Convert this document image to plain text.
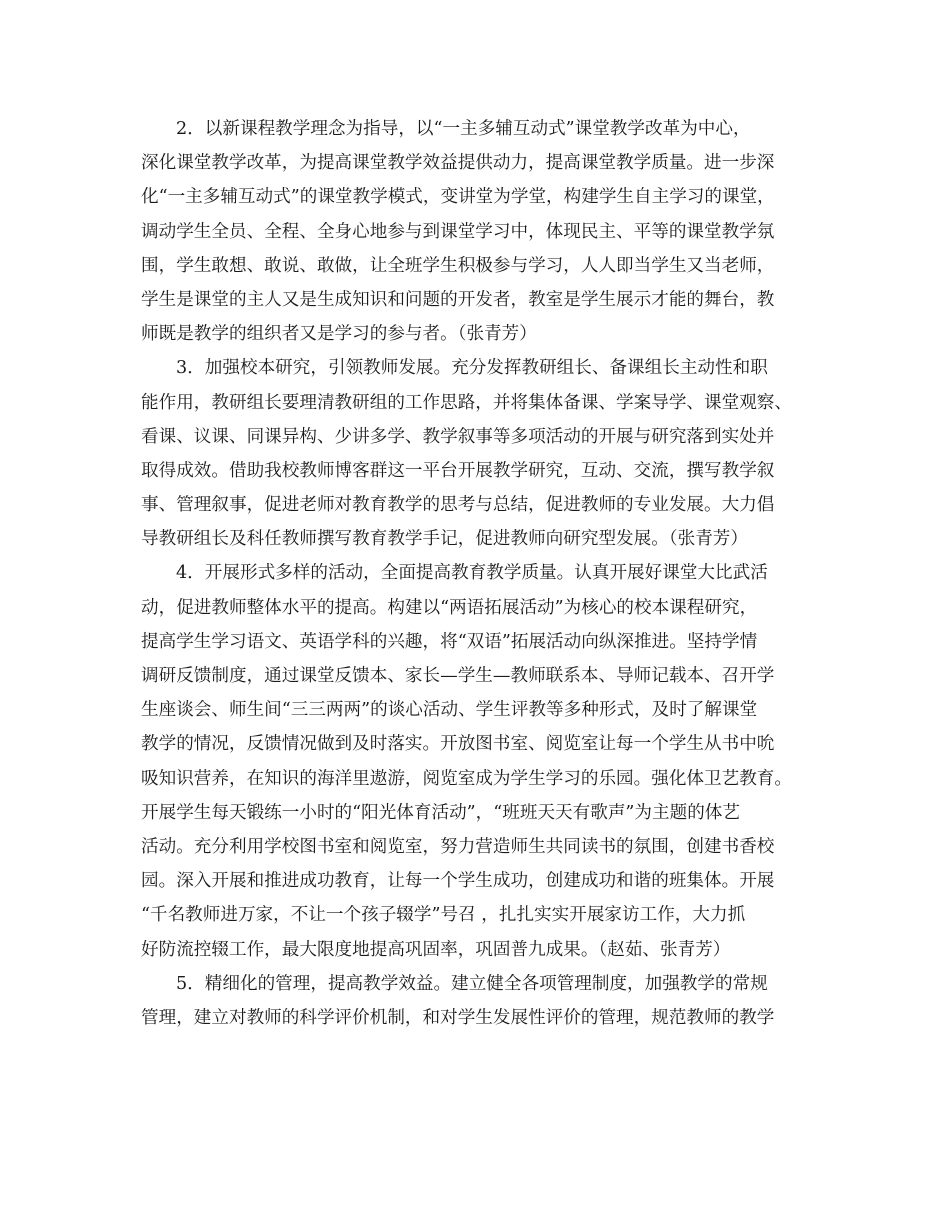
2．以新课程教学理念为指导，以“一主多辅互动式”课堂教学改革为中心，
深化课堂教学改革，为提高课堂教学效益提供动力，提高课堂教学质量。进一步深
化“一主多辅互动式”的课堂教学模式，变讲堂为学堂，构建学生自主学习的课堂，
调动学生全员、全程、全身心地参与到课堂学习中，体现民主、平等的课堂教学氛
围，学生敢想、敢说、敢做，让全班学生积极参与学习，人人即当学生又当老师，
学生是课堂的主人又是生成知识和问题的开发者，教室是学生展示才能的舞台，教
师既是教学的组织者又是学习的参与者。（张青芳）
3．加强校本研究，引领教师发展。充分发挥教研组长、备课组长主动性和职
能作用，教研组长要理清教研组的工作思路，并将集体备课、学案导学、课堂观察、
看课、议课、同课异构、少讲多学、教学叙事等多项活动的开展与研究落到实处并
取得成效。借助我校教师博客群这一平台开展教学研究，互动、交流，撰写教学叙
事、管理叙事，促进老师对教育教学的思考与总结，促进教师的专业发展。大力倡
导教研组长及科任教师撰写教育教学手记，促进教师向研究型发展。（张青芳）
4．开展形式多样的活动，全面提高教育教学质量。认真开展好课堂大比武活
动，促进教师整体水平的提高。构建以“两语拓展活动”为核心的校本课程研究，
提高学生学习语文、英语学科的兴趣，将“双语”拓展活动向纵深推进。坚持学情
调研反馈制度，通过课堂反馈本、家长—学生—教师联系本、导师记载本、召开学
生座谈会、师生间“三三两两”的谈心活动、学生评教等多种形式，及时了解课堂
教学的情况，反馈情况做到及时落实。开放图书室、阅览室让每一个学生从书中吮
吸知识营养，在知识的海洋里遨游，阅览室成为学生学习的乐园。强化体卫艺教育。
开展学生每天锻练一小时的“阳光体育活动”，“班班天天有歌声”为主题的体艺
活动。充分利用学校图书室和阅览室，努力营造师生共同读书的氛围，创建书香校
园。深入开展和推进成功教育，让每一个学生成功，创建成功和谐的班集体。开展
“千名教师进万家，不让一个孩子辍学”号召 ，扎扎实实开展家访工作，大力抓
好防流控辍工作，最大限度地提高巩固率，巩固普九成果。（赵茹、张青芳）
5．精细化的管理，提高教学效益。建立健全各项管理制度，加强教学的常规
管理，建立对教师的科学评价机制，和对学生发展性评价的管理，规范教师的教学
